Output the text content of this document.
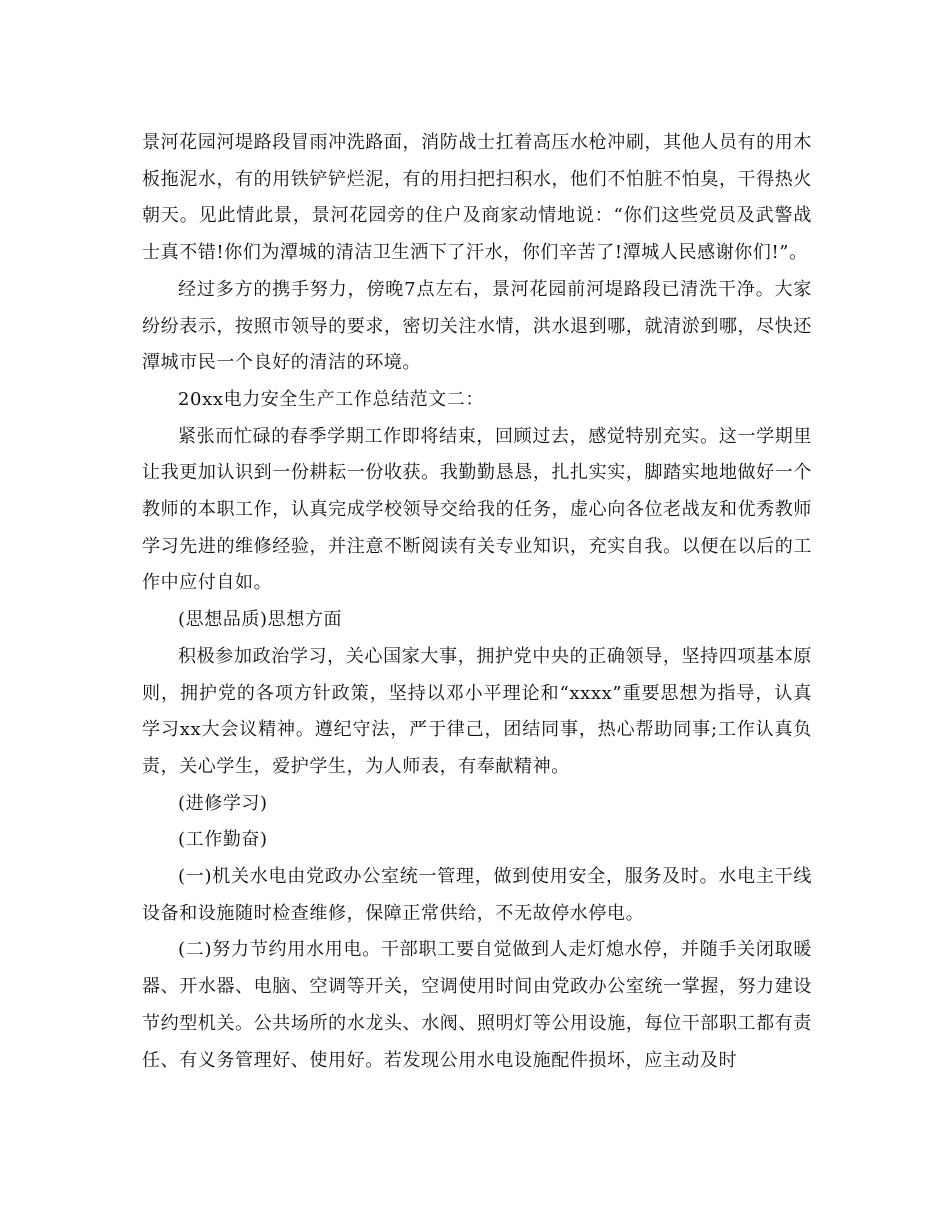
景河花园河堤路段冒雨冲洗路面，消防战士扛着高压水枪冲刷，其他人员有的用木板拖泥水，有的用铁铲铲烂泥，有的用扫把扫积水，他们不怕脏不怕臭，干得热火朝天。见此情此景，景河花园旁的住户及商家动情地说：“你们这些党员及武警战士真不错!你们为潭城的清洁卫生洒下了汗水，你们辛苦了!潭城人民感谢你们!”。

经过多方的携手努力，傍晚7点左右，景河花园前河堤路段已清洗干净。大家纷纷表示，按照市领导的要求，密切关注水情，洪水退到哪，就清淤到哪，尽快还潭城市民一个良好的清洁的环境。

20xx电力安全生产工作总结范文二：

紧张而忙碌的春季学期工作即将结束，回顾过去，感觉特别充实。这一学期里让我更加认识到一份耕耘一份收获。我勤勤恳恳，扎扎实实，脚踏实地地做好一个教师的本职工作，认真完成学校领导交给我的任务，虚心向各位老战友和优秀教师学习先进的维修经验，并注意不断阅读有关专业知识，充实自我。以便在以后的工作中应付自如。

(思想品质)思想方面

积极参加政治学习，关心国家大事，拥护党中央的正确领导，坚持四项基本原则，拥护党的各项方针政策，坚持以邓小平理论和“xxxx”重要思想为指导，认真学习xx大会议精神。遵纪守法，严于律己，团结同事，热心帮助同事;工作认真负责，关心学生，爱护学生，为人师表，有奉献精神。

(进修学习)

(工作勤奋)

(一)机关水电由党政办公室统一管理，做到使用安全，服务及时。水电主干线设备和设施随时检查维修，保障正常供给，不无故停水停电。

(二)努力节约用水用电。干部职工要自觉做到人走灯熄水停，并随手关闭取暖器、开水器、电脑、空调等开关，空调使用时间由党政办公室统一掌握，努力建设节约型机关。公共场所的水龙头、水阀、照明灯等公用设施，每位干部职工都有责任、有义务管理好、使用好。若发现公用水电设施配件损坏，应主动及时
